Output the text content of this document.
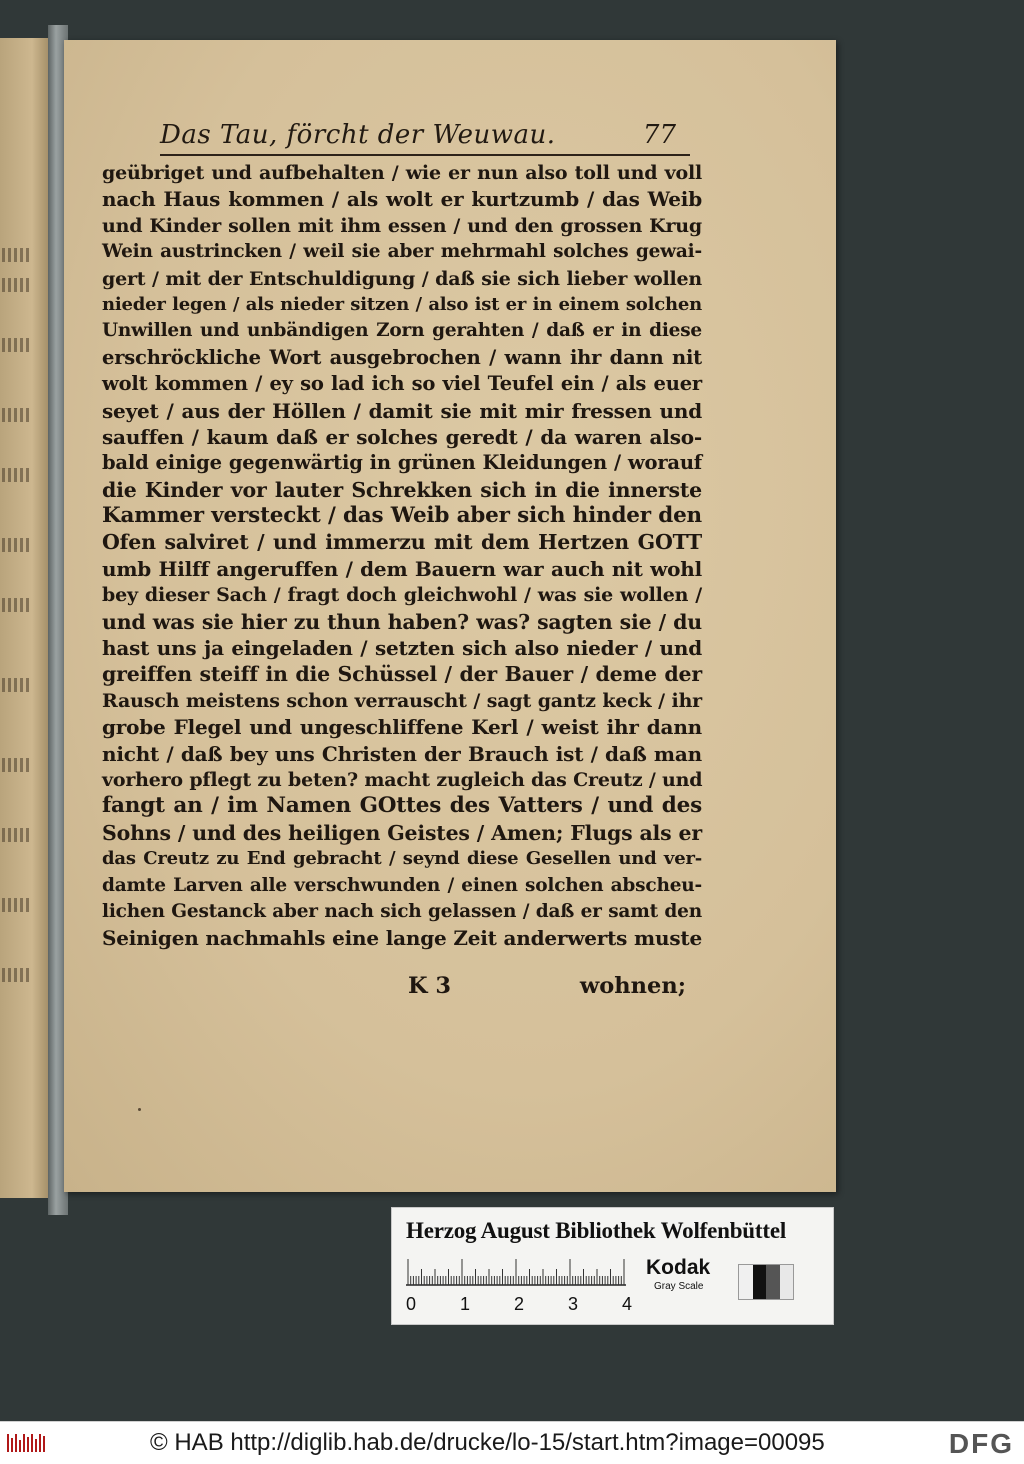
Das Tau, förcht der Weuwau.	77
geübriget und aufbehalten / wie er nun also toll und voll
nach Haus kommen / als wolt er kurtzumb / das Weib
und Kinder sollen mit ihm essen / und den grossen Krug
Wein austrincken / weil sie aber mehrmahl solches gewai-
gert / mit der Entschuldigung / daß sie sich lieber wollen
nieder legen / als nieder sitzen / also ist er in einem solchen
Unwillen und unbändigen Zorn gerahten / daß er in diese
erschröckliche Wort ausgebrochen / wann ihr dann nit
wolt kommen / ey so lad ich so viel Teufel ein / als euer
seyet / aus der Höllen / damit sie mit mir fressen und
sauffen / kaum daß er solches geredt / da waren also-
bald einige gegenwärtig in grünen Kleidungen / worauf
die Kinder vor lauter Schrekken sich in die innerste
Kammer versteckt / das Weib aber sich hinder den
Ofen salviret / und immerzu mit dem Hertzen GOTT
umb Hilff angeruffen / dem Bauern war auch nit wohl
bey dieser Sach / fragt doch gleichwohl / was sie wollen /
und was sie hier zu thun haben? was? sagten sie / du
hast uns ja eingeladen / setzten sich also nieder / und
greiffen steiff in die Schüssel / der Bauer / deme der
Rausch meistens schon verrauscht / sagt gantz keck / ihr
grobe Flegel und ungeschliffene Kerl / weist ihr dann
nicht / daß bey uns Christen der Brauch ist / daß man
vorhero pflegt zu beten? macht zugleich das Creutz / und
fangt an / im Namen GOttes des Vatters / und des
Sohns / und des heiligen Geistes / Amen; Flugs als er
das Creutz zu End gebracht / seynd diese Gesellen und ver-
damte Larven alle verschwunden / einen solchen abscheu-
lichen Gestanck aber nach sich gelassen / daß er samt den
Seinigen nachmahls eine lange Zeit anderwerts muste
K 3	wohnen;
Herzog August Bibliothek Wolfenbüttel
0 1 2 3 4
Kodak
Gray Scale
© HAB http://diglib.hab.de/drucke/lo-15/start.htm?image=00095	DFG
